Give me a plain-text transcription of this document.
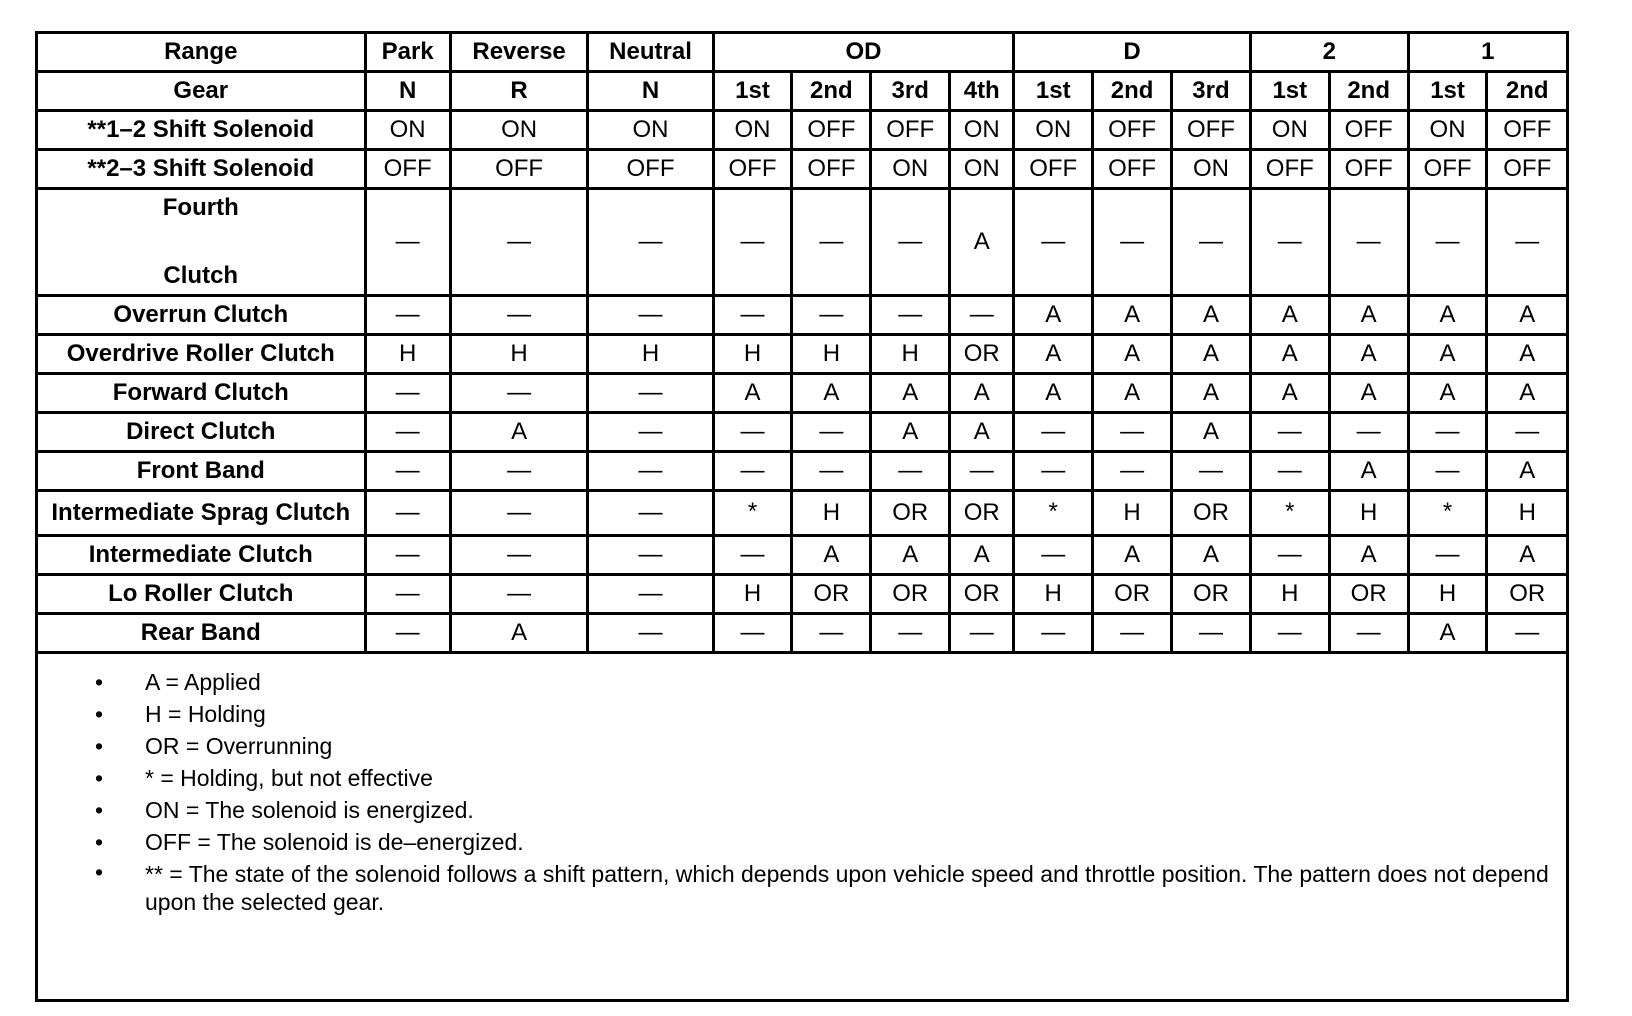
Range	Park	Reverse	Neutral	OD				D			2		1	
Gear	N	R	N	1st	2nd	3rd	4th	1st	2nd	3rd	1st	2nd	1st	2nd
**1–2 Shift Solenoid	ON	ON	ON	ON	OFF	OFF	ON	ON	OFF	OFF	ON	OFF	ON	OFF
**2–3 Shift Solenoid	OFF	OFF	OFF	OFF	OFF	ON	ON	OFF	OFF	ON	OFF	OFF	OFF	OFF

Fourth
Clutch	—	—	—	—	—	—	A	—	—	—	—	—	—	—
Overrun Clutch	—	—	—	—	—	—	—	A	A	A	A	A	A	A
Overdrive Roller Clutch	H	H	H	H	H	H	OR	A	A	A	A	A	A	A
Forward Clutch	—	—	—	A	A	A	A	A	A	A	A	A	A	A
Direct Clutch	—	A	—	—	—	A	A	—	—	A	—	—	—	—
Front Band	—	—	—	—	—	—	—	—	—	—	—	A	—	A
Intermediate Sprag Clutch	—	—	—	*	H	OR	OR	*	H	OR	*	H	*	H
Intermediate Clutch	—	—	—	—	A	A	A	—	A	A	—	A	—	A
Lo Roller Clutch	—	—	—	H	OR	OR	OR	H	OR	OR	H	OR	H	OR
Rear Band	—	A	—	—	—	—	—	—	—	—	—	—	A	—
• A = Applied
• H = Holding
• OR = Overrunning
• * = Holding, but not effective
• ON = The solenoid is energized.
• OFF = The solenoid is de–energized.
• ** = The state of the solenoid follows a shift pattern, which depends upon vehicle speed and throttle position. The pattern does not depend upon the selected gear.
